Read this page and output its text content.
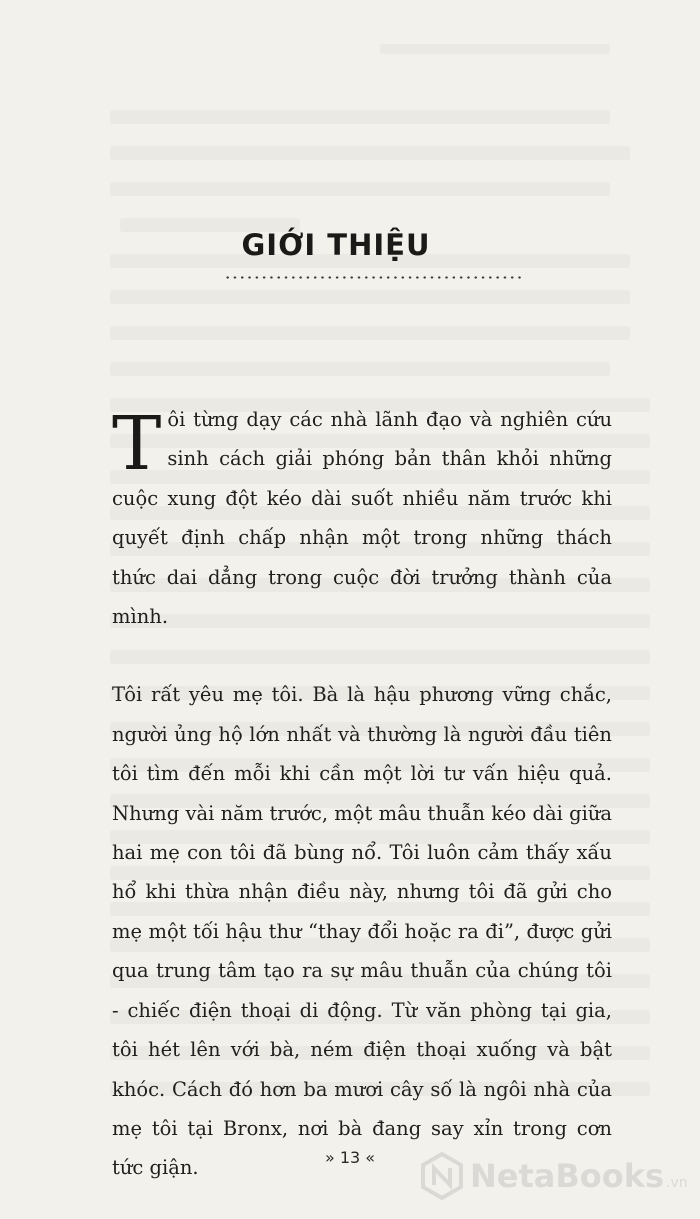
GIỚI THIỆU

Tôi từng dạy các nhà lãnh đạo và nghiên cứu sinh cách giải phóng bản thân khỏi những cuộc xung đột kéo dài suốt nhiều năm trước khi quyết định chấp nhận một trong những thách thức dai dẳng trong cuộc đời trưởng thành của mình.

Tôi rất yêu mẹ tôi. Bà là hậu phương vững chắc, người ủng hộ lớn nhất và thường là người đầu tiên tôi tìm đến mỗi khi cần một lời tư vấn hiệu quả. Nhưng vài năm trước, một mâu thuẫn kéo dài giữa hai mẹ con tôi đã bùng nổ. Tôi luôn cảm thấy xấu hổ khi thừa nhận điều này, nhưng tôi đã gửi cho mẹ một tối hậu thư “thay đổi hoặc ra đi”, được gửi qua trung tâm tạo ra sự mâu thuẫn của chúng tôi - chiếc điện thoại di động. Từ văn phòng tại gia, tôi hét lên với bà, ném điện thoại xuống và bật khóc. Cách đó hơn ba mươi cây số là ngôi nhà của mẹ tôi tại Bronx, nơi bà đang say xỉn trong cơn tức giận.	» 13 «	NetaBooks .vn
